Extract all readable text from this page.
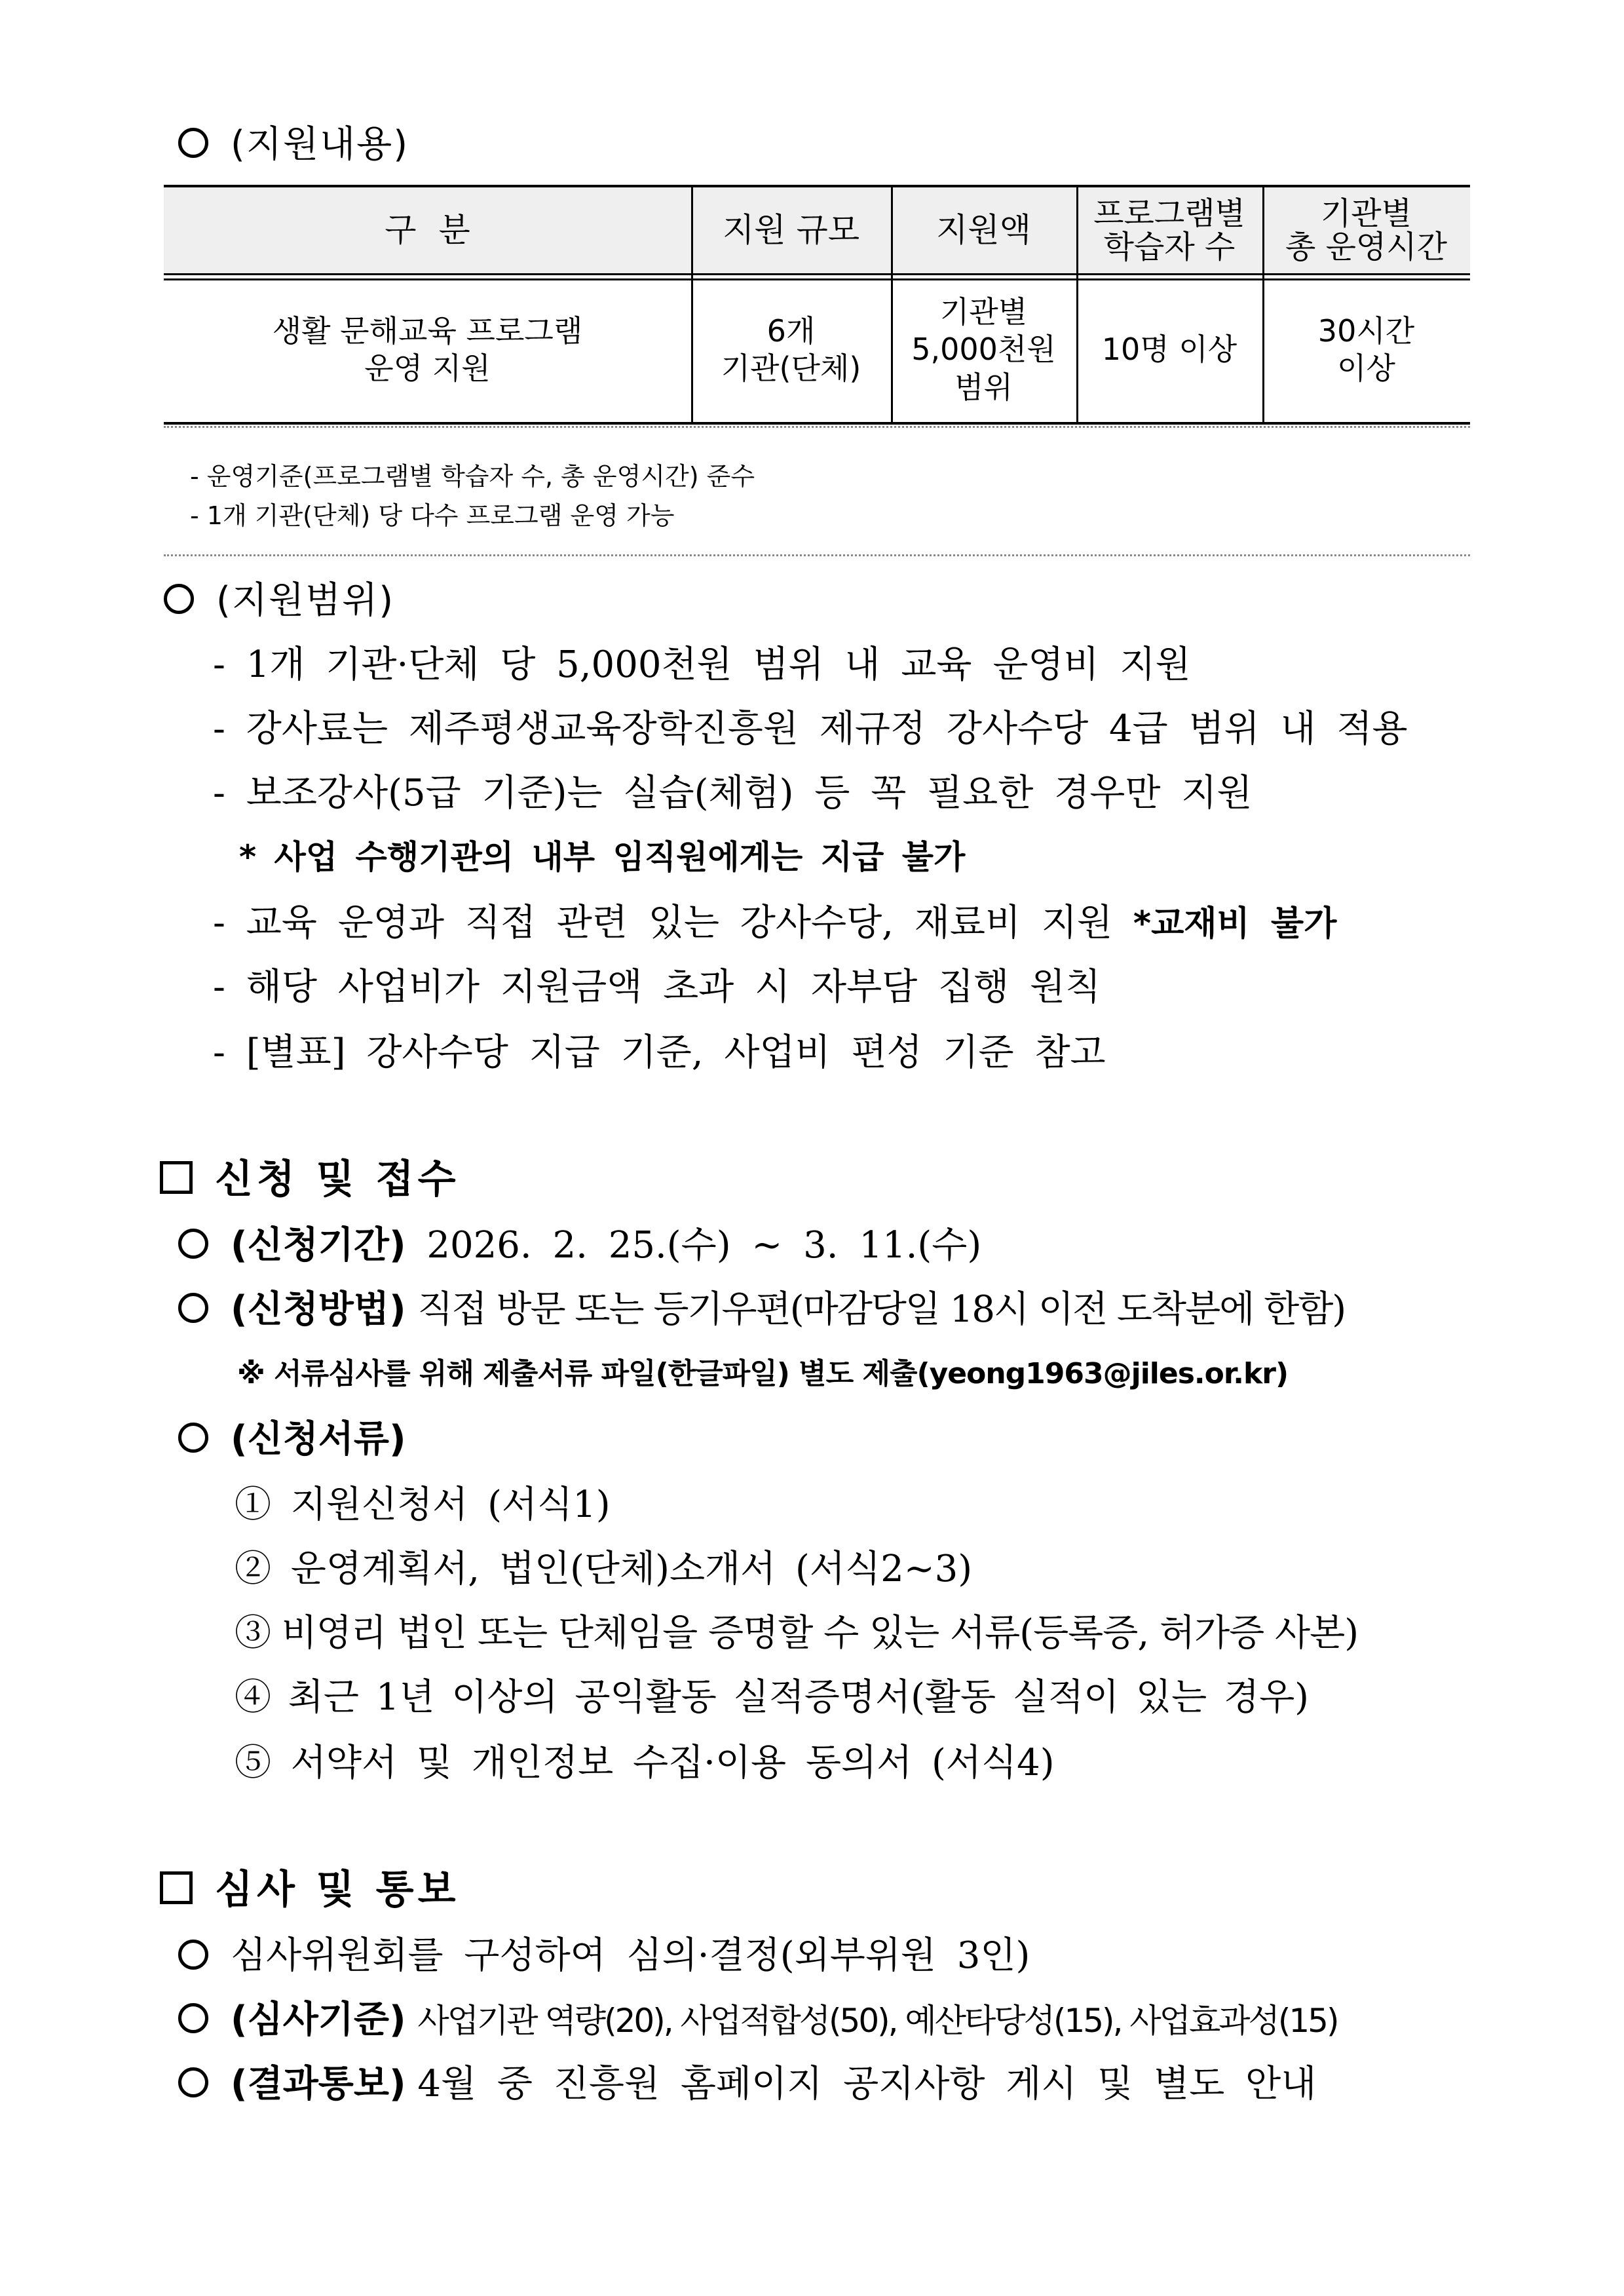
(지원내용)
구 분	지원 규모 지원액 프로그램별
학습자 수
기관별
총 운영시간
생활 문해교육 프로그램
운영 지원
6개
기관(단체)
기관별
5,000천원
범위
10명 이상
30시간
이상
- 운영기준(프로그램별 학습자 수, 총 운영시간) 준수
- 1개 기관(단체) 당 다수 프로그램 운영 가능
(지원범위)
- 1개 기관·단체 당 5,000천원 범위 내 교육 운영비 지원
- 강사료는 제주평생교육장학진흥원 제규정 강사수당 4급 범위 내 적용
- 보조강사(5급 기준)는 실습(체험) 등 꼭 필요한 경우만 지원
* 사업 수행기관의 내부 임직원에게는 지급 불가
- 교육 운영과 직접 관련 있는 강사수당, 재료비 지원 *교재비 불가
- 해당 사업비가 지원금액 초과 시 자부담 집행 원칙
- [별표] 강사수당 지급 기준, 사업비 편성 기준 참고
신청 및 접수
(신청기간) 2026. 2. 25.(수) ~ 3. 11.(수)
(신청방법) 직접 방문 또는 등기우편(마감당일 18시 이전 도착분에 한함)
※ 서류심사를 위해 제출서류 파일(한글파일) 별도 제출(yeong1963@jiles.or.kr)
(신청서류)
① 지원신청서 (서식1)
② 운영계획서, 법인(단체)소개서 (서식2~3)
③ 비영리 법인 또는 단체임을 증명할 수 있는 서류(등록증, 허가증 사본)
④ 최근 1년 이상의 공익활동 실적증명서(활동 실적이 있는 경우)
⑤ 서약서 및 개인정보 수집·이용 동의서 (서식4)
심사 및 통보
심사위원회를 구성하여 심의·결정(외부위원 3인)
(심사기준) 사업기관 역량(20), 사업적합성(50), 예산타당성(15), 사업효과성(15)
(결과통보) 4월 중 진흥원 홈페이지 공지사항 게시 및 별도 안내
